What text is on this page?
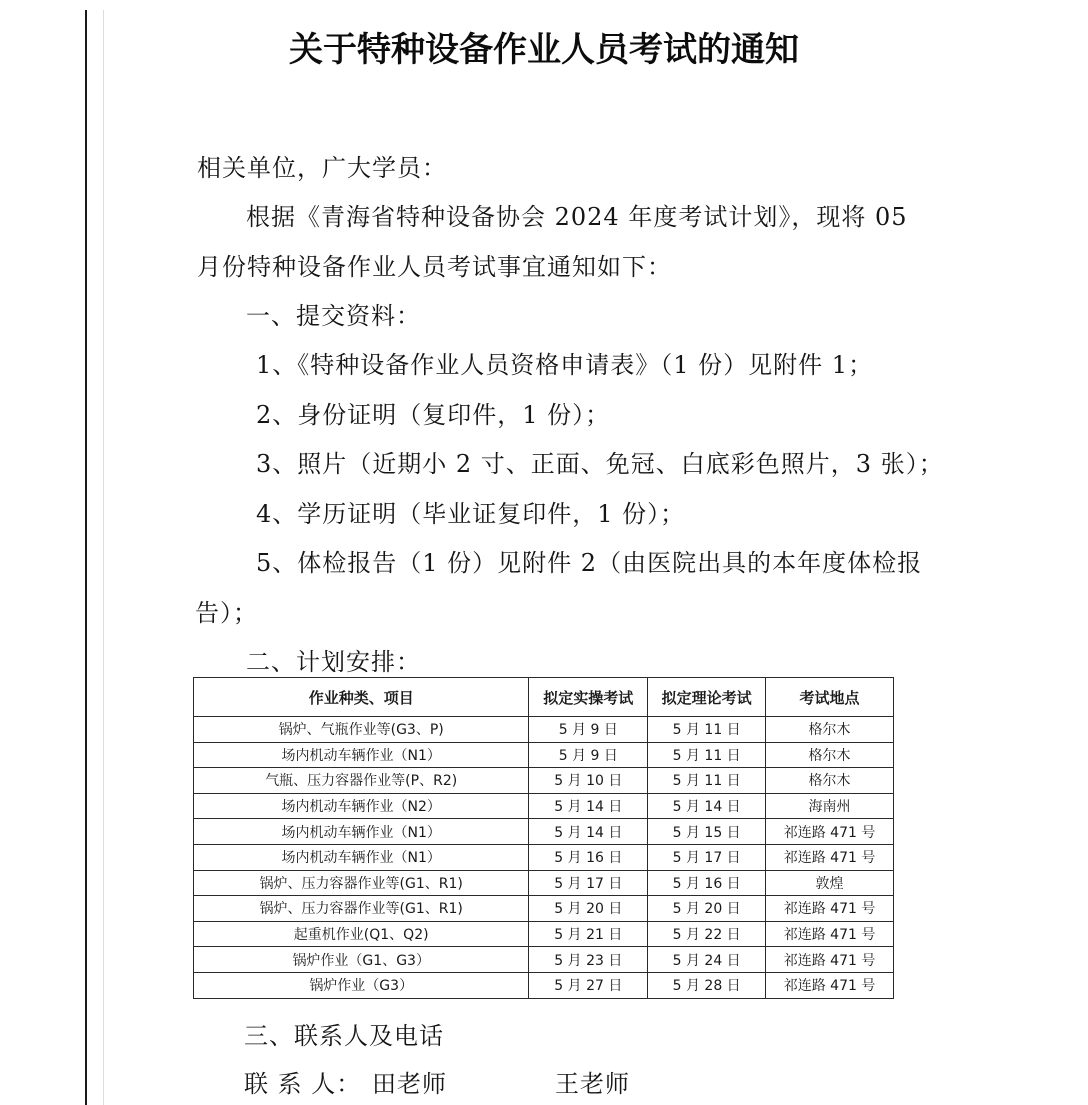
关于特种设备作业人员考试的通知
相关单位，广大学员：
根据《青海省特种设备协会 2024 年度考试计划》，现将 05
月份特种设备作业人员考试事宜通知如下：
一、提交资料：
1、《特种设备作业人员资格申请表》（1 份）见附件 1；
2、身份证明（复印件，1 份）；
3、照片（近期小 2 寸、正面、免冠、白底彩色照片，3 张）；
4、学历证明（毕业证复印件，1 份）；
5、体检报告（1 份）见附件 2（由医院出具的本年度体检报
告）；
二、计划安排：
作业种类、项目	拟定实操考试	拟定理论考试	考试地点
锅炉、气瓶作业等(G3、P)	5 月 9 日	5 月 11 日	格尔木
场内机动车辆作业（N1）	5 月 9 日	5 月 11 日	格尔木
气瓶、压力容器作业等(P、R2)	5 月 10 日	5 月 11 日	格尔木
场内机动车辆作业（N2）	5 月 14 日	5 月 14 日	海南州
场内机动车辆作业（N1）	5 月 14 日	5 月 15 日	祁连路 471 号
场内机动车辆作业（N1）	5 月 16 日	5 月 17 日	祁连路 471 号
锅炉、压力容器作业等(G1、R1)	5 月 17 日	5 月 16 日	敦煌
锅炉、压力容器作业等(G1、R1)	5 月 20 日	5 月 20 日	祁连路 471 号
起重机作业(Q1、Q2)	5 月 21 日	5 月 22 日	祁连路 471 号
锅炉作业（G1、G3）	5 月 23 日	5 月 24 日	祁连路 471 号
锅炉作业（G3）	5 月 27 日	5 月 28 日	祁连路 471 号
三、联系人及电话
联 系 人： 田老师	王老师
